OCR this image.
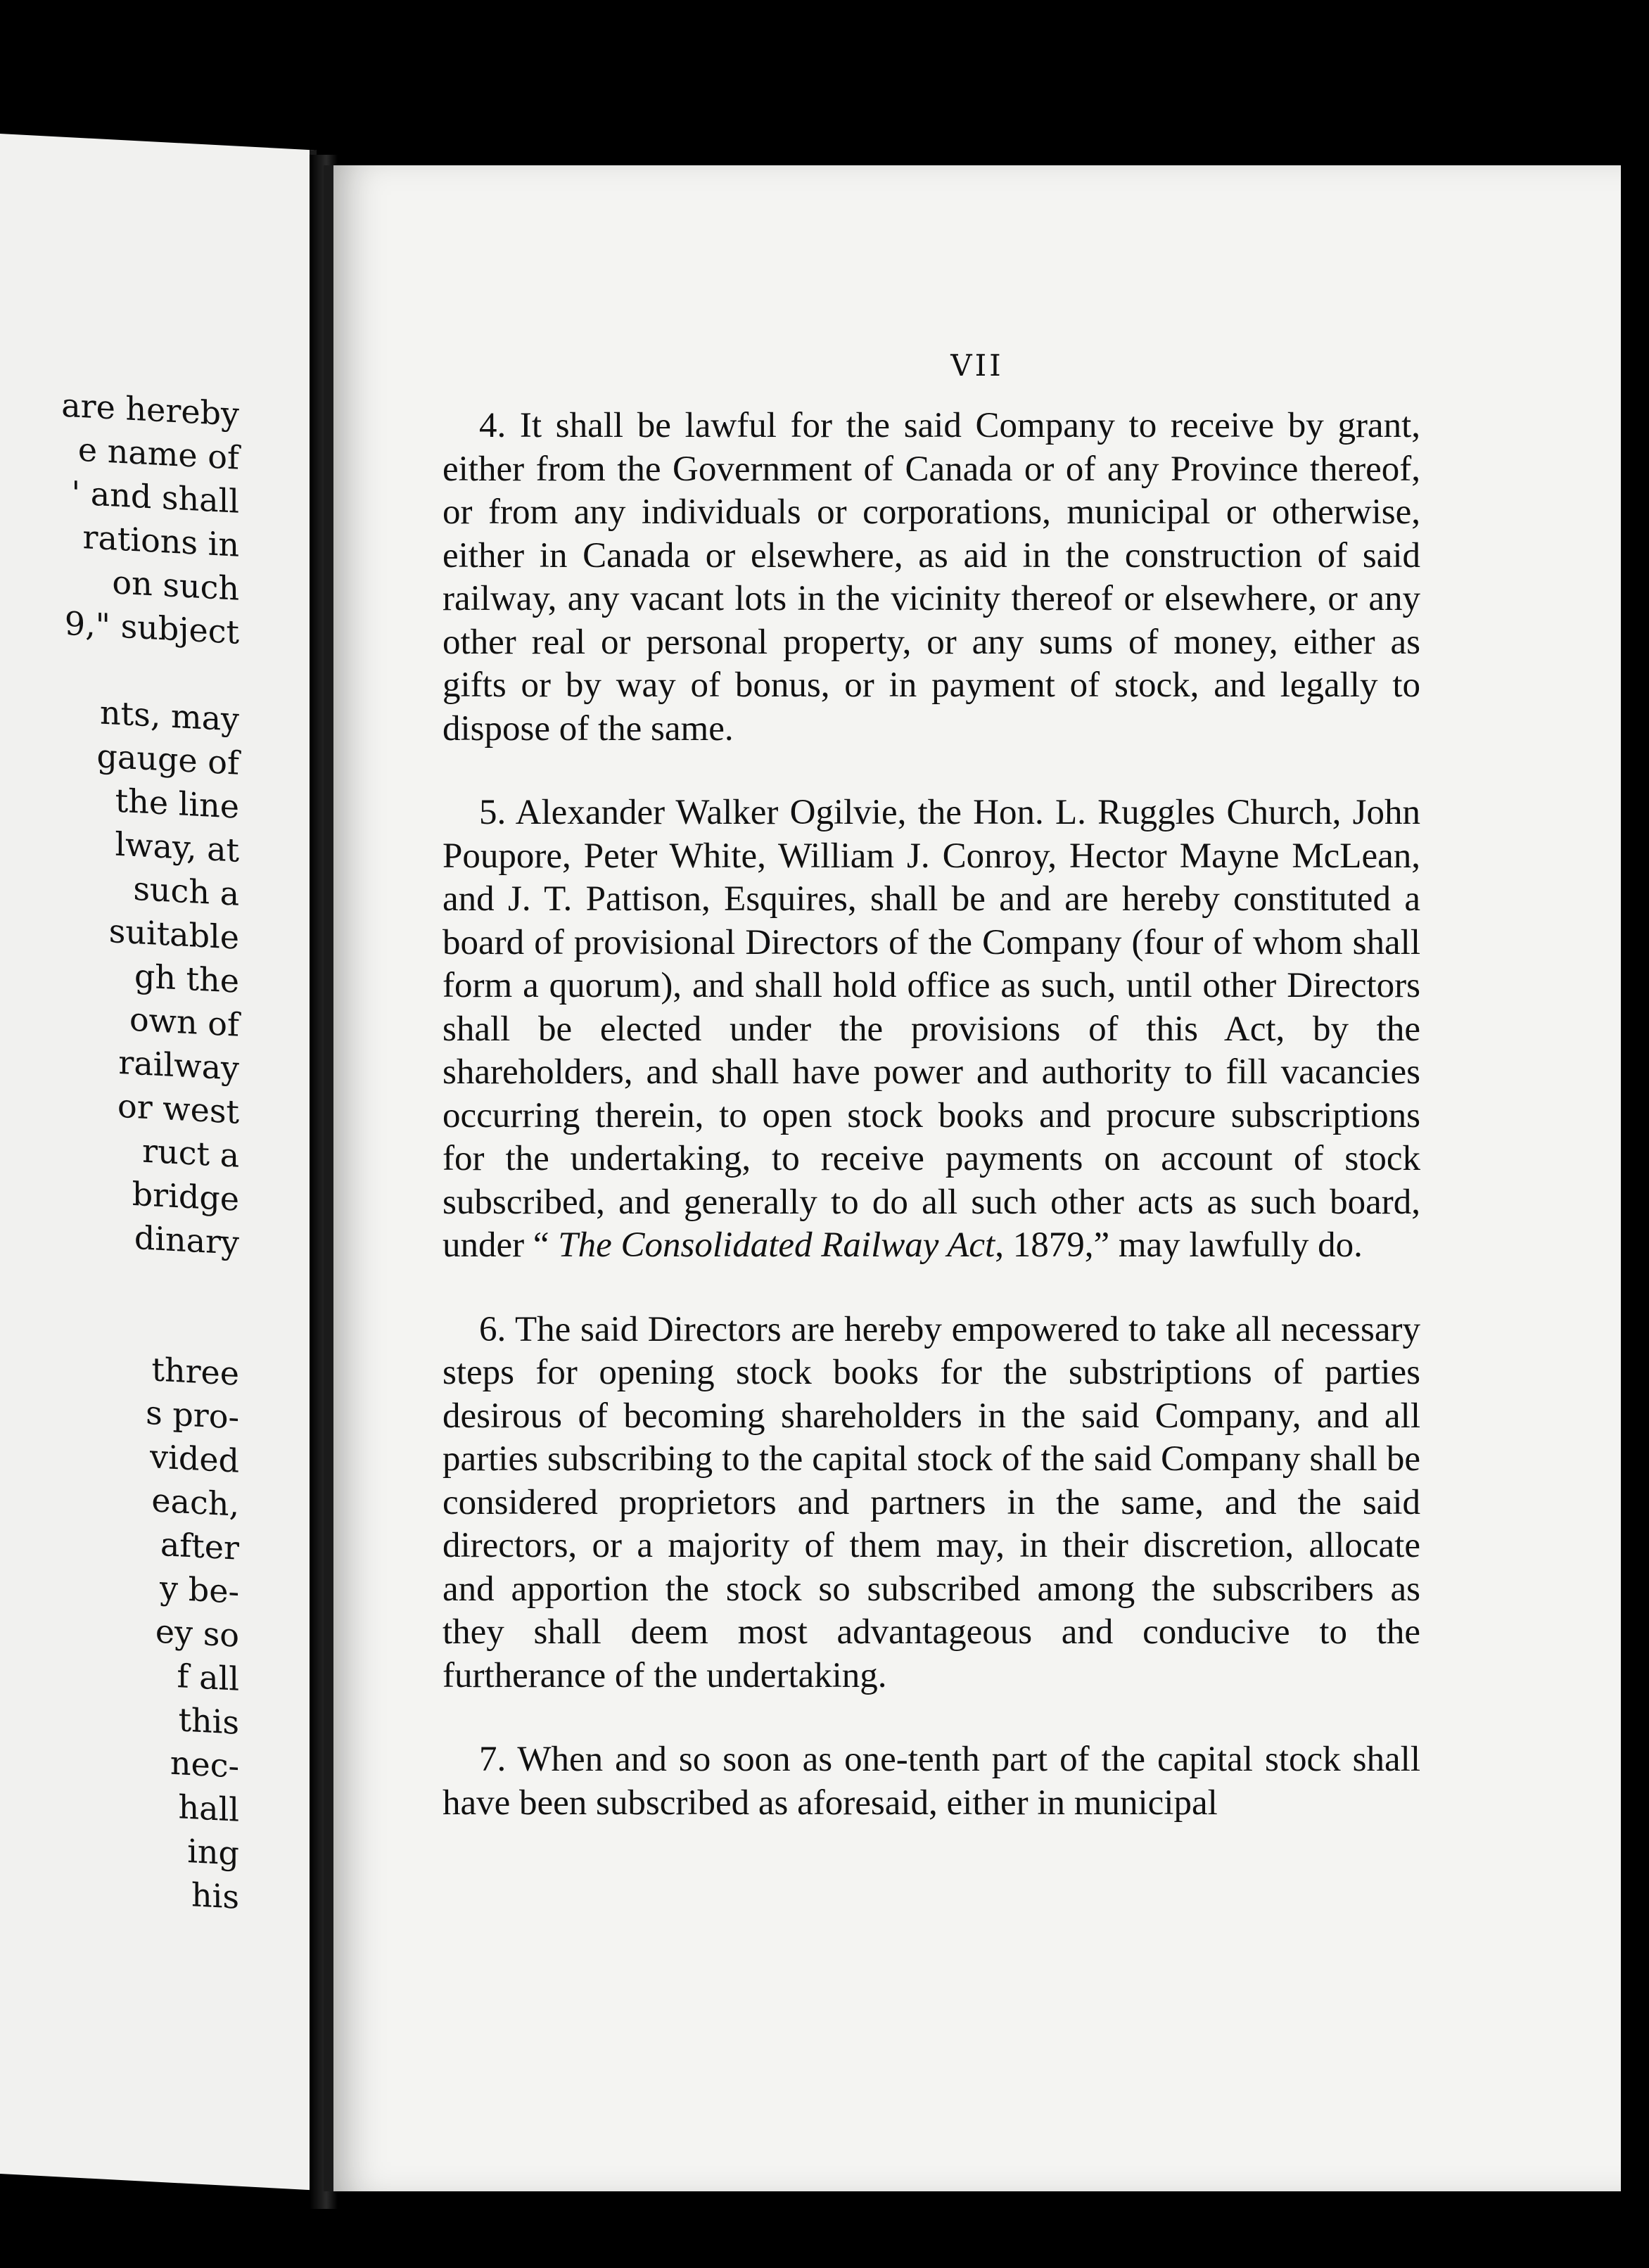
are hereby
e name of
' and shall
rations in
on such
9," subject
nts, may
gauge of
the line
lway, at
such a
suitable
gh the
own of
railway
or west
ruct a
bridge
dinary
three
s pro-
vided
each,
after
y be-
ey so
f all
this
nec-
hall
ing
his

VII

4. It shall be lawful for the said Company to receive by grant, either from the Government of Canada or of any Province thereof, or from any individuals or corporations, municipal or otherwise, either in Canada or elsewhere, as aid in the construction of said railway, any vacant lots in the vicinity thereof or elsewhere, or any other real or personal property, or any sums of money, either as gifts or by way of bonus, or in payment of stock, and legally to dispose of the same.

5. Alexander Walker Ogilvie, the Hon. L. Ruggles Church, John Poupore, Peter White, William J. Conroy, Hector Mayne McLean, and J. T. Pattison, Esquires, shall be and are hereby constituted a board of provisional Directors of the Company (four of whom shall form a quorum), and shall hold office as such, until other Directors shall be elected under the provisions of this Act, by the shareholders, and shall have power and authority to fill vacancies occurring therein, to open stock books and procure subscriptions for the undertaking, to receive payments on account of stock subscribed, and generally to do all such other acts as such board, under “ The Consolidated Railway Act, 1879,” may lawfully do.

6. The said Directors are hereby empowered to take all necessary steps for opening stock books for the substriptions of parties desirous of becoming shareholders in the said Company, and all parties subscribing to the capital stock of the said Company shall be considered proprietors and partners in the same, and the said directors, or a majority of them may, in their discretion, allocate and apportion the stock so subscribed among the subscribers as they shall deem most advantageous and conducive to the furtherance of the undertaking.

7. When and so soon as one-tenth part of the capital stock shall have been subscribed as aforesaid, either in municipal
